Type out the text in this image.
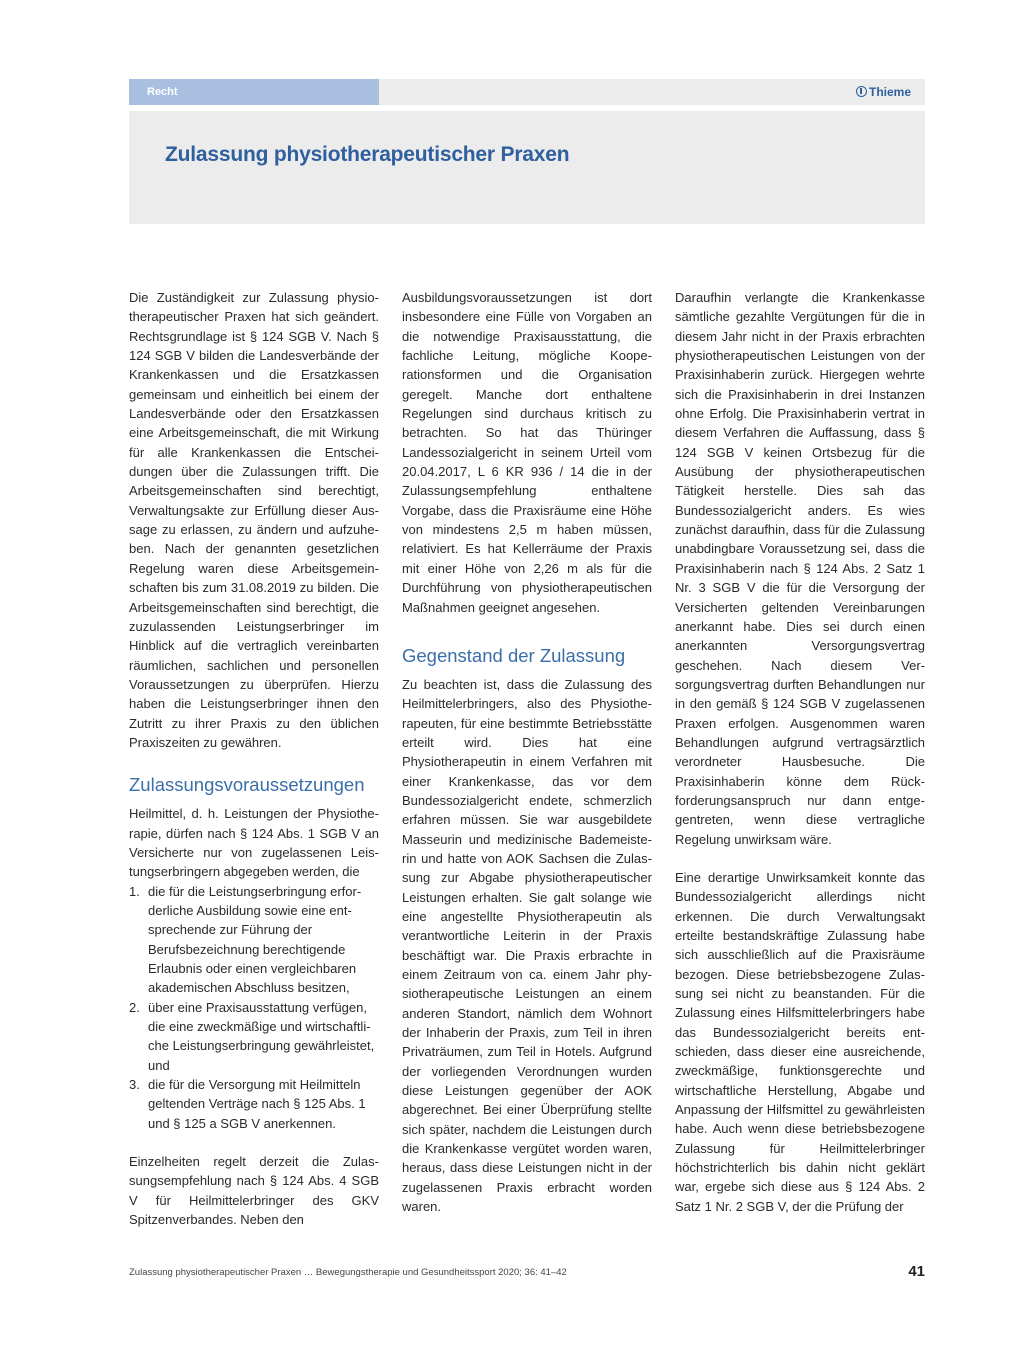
Recht	Thieme
Zulassung physiotherapeutischer Praxen

Die Zuständigkeit zur Zulassung physiotherapeutischer Praxen hat sich geändert. Rechtsgrundlage ist § 124 SGB V. Nach § 124 SGB V bilden die Landesverbände der Krankenkassen und die Ersatzkassen gemeinsam und einheitlich bei einem der Landesverbände oder den Ersatzkassen eine Arbeitsgemeinschaft, die mit Wirkung für alle Krankenkassen die Entscheidungen über die Zulassungen trifft. Die Arbeitsgemeinschaften sind berechtigt, Verwaltungsakte zur Erfüllung dieser Aussage zu erlassen, zu ändern und aufzuheben. Nach der genannten gesetzlichen Regelung waren diese Arbeitsgemeinschaften bis zum 31.08.2019 zu bilden. Die Arbeitsgemeinschaften sind berechtigt, die zuzulassenden Leistungserbringer im Hinblick auf die vertraglich vereinbarten räumlichen, sachlichen und personellen Voraussetzungen zu überprüfen. Hierzu haben die Leistungserbringer ihnen den Zutritt zu ihrer Praxis zu den üblichen Praxiszeiten zu gewähren.

Zulassungsvoraussetzungen

Heilmittel, d. h. Leistungen der Physiotherapie, dürfen nach § 124 Abs. 1 SGB V an Versicherte nur von zugelassenen Leistungserbringern abgegeben werden, die

1. die für die Leistungserbringung erforderliche Ausbildung sowie eine entsprechende zur Führung der Berufsbezeichnung berechtigende Erlaubnis oder einen vergleichbaren akademischen Abschluss besitzen,
2. über eine Praxisausstattung verfügen, die eine zweckmäßige und wirtschaftliche Leistungserbringung gewährleistet, und
3. die für die Versorgung mit Heilmitteln geltenden Verträge nach § 125 Abs. 1 und § 125 a SGB V anerkennen.

Einzelheiten regelt derzeit die Zulassungsempfehlung nach § 124 Abs. 4 SGB V für Heilmittelerbringer des GKV Spitzenverbandes. Neben den

Ausbildungsvoraussetzungen ist dort insbesondere eine Fülle von Vorgaben an die notwendige Praxisausstattung, die fachliche Leitung, mögliche Kooperationsformen und die Organisation geregelt. Manche dort enthaltene Regelungen sind durchaus kritisch zu betrachten. So hat das Thüringer Landessozialgericht in seinem Urteil vom 20.04.2017, L 6 KR 936 / 14 die in der Zulassungsempfehlung enthaltene Vorgabe, dass die Praxisräume eine Höhe von mindestens 2,5 m haben müssen, relativiert. Es hat Kellerräume der Praxis mit einer Höhe von 2,26 m als für die Durchführung von physiotherapeutischen Maßnahmen geeignet angesehen.

Gegenstand der Zulassung

Zu beachten ist, dass die Zulassung des Heilmittelerbringers, also des Physiotherapeuten, für eine bestimmte Betriebsstätte erteilt wird. Dies hat eine Physiotherapeutin in einem Verfahren mit einer Krankenkasse, das vor dem Bundessozialgericht endete, schmerzlich erfahren müssen. Sie war ausgebildete Masseurin und medizinische Bademeisterin und hatte von AOK Sachsen die Zulassung zur Abgabe physiotherapeutischer Leistungen erhalten. Sie galt solange wie eine angestellte Physiotherapeutin als verantwortliche Leiterin in der Praxis beschäftigt war. Die Praxis erbrachte in einem Zeitraum von ca. einem Jahr physiotherapeutische Leistungen an einem anderen Standort, nämlich dem Wohnort der Inhaberin der Praxis, zum Teil in ihren Privaträumen, zum Teil in Hotels. Aufgrund der vorliegenden Verordnungen wurden diese Leistungen gegenüber der AOK abgerechnet. Bei einer Überprüfung stellte sich später, nachdem die Leistungen durch die Krankenkasse vergütet worden waren, heraus, dass diese Leistungen nicht in der zugelassenen Praxis erbracht worden waren.

Daraufhin verlangte die Krankenkasse sämtliche gezahlte Vergütungen für die in diesem Jahr nicht in der Praxis erbrachten physiotherapeutischen Leistungen von der Praxisinhaberin zurück. Hiergegen wehrte sich die Praxisinhaberin in drei Instanzen ohne Erfolg. Die Praxisinhaberin vertrat in diesem Verfahren die Auffassung, dass § 124 SGB V keinen Ortsbezug für die Ausübung der physiotherapeutischen Tätigkeit herstelle. Dies sah das Bundessozialgericht anders. Es wies zunächst daraufhin, dass für die Zulassung unabdingbare Voraussetzung sei, dass die Praxisinhaberin nach § 124 Abs. 2 Satz 1 Nr. 3 SGB V die für die Versorgung der Versicherten geltenden Vereinbarungen anerkannt habe. Dies sei durch einen anerkannten Versorgungsvertrag geschehen. Nach diesem Versorgungsvertrag durften Behandlungen nur in den gemäß § 124 SGB V zugelassenen Praxen erfolgen. Ausgenommen waren Behandlungen aufgrund vertragsärztlich verordneter Hausbesuche. Die Praxisinhaberin könne dem Rückforderungsanspruch nur dann entgegentreten, wenn diese vertragliche Regelung unwirksam wäre.

Eine derartige Unwirksamkeit konnte das Bundessozialgericht allerdings nicht erkennen. Die durch Verwaltungsakt erteilte bestandskräftige Zulassung habe sich ausschließlich auf die Praxisräume bezogen. Diese betriebsbezogene Zulassung sei nicht zu beanstanden. Für die Zulassung eines Hilfsmittelerbringers habe das Bundessozialgericht bereits entschieden, dass dieser eine ausreichende, zweckmäßige, funktionsgerechte und wirtschaftliche Herstellung, Abgabe und Anpassung der Hilfsmittel zu gewährleisten habe. Auch wenn diese betriebsbezogene Zulassung für Heilmittelerbringer höchstrichterlich bis dahin nicht geklärt war, ergebe sich diese aus § 124 Abs. 2 Satz 1 Nr. 2 SGB V, der die Prüfung der

Zulassung physiotherapeutischer Praxen … Bewegungstherapie und Gesundheitssport 2020; 36: 41–42	41
